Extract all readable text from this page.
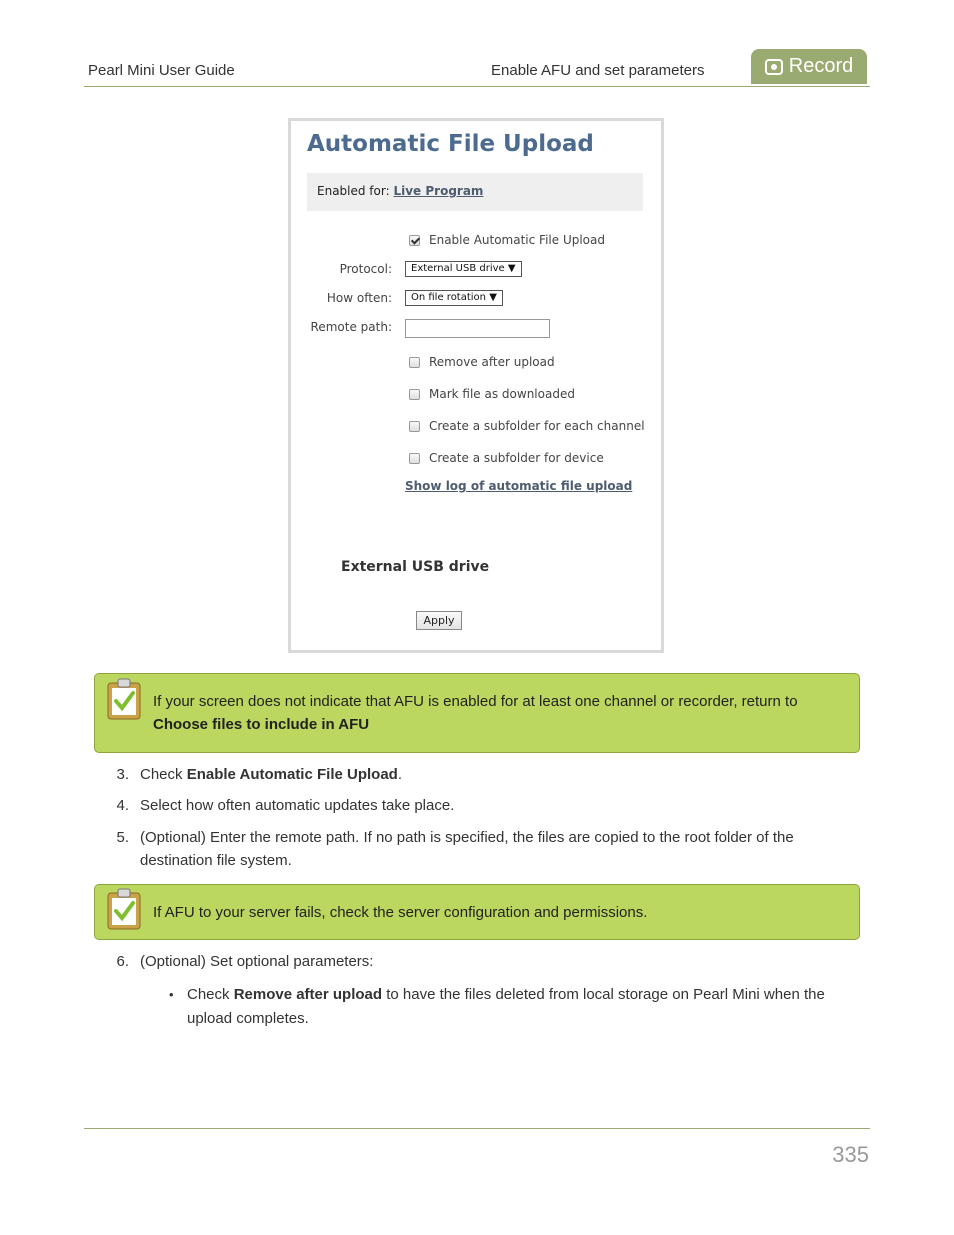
Pearl Mini User Guide	Enable AFU and set parameters	Record
Automatic File Upload
Enabled for: Live Program
Enable Automatic File Upload
Protocol:	External USB drive ▼
How often:	On file rotation ▼
Remote path:
Remove after upload
Mark file as downloaded
Create a subfolder for each channel
Create a subfolder for device
Show log of automatic file upload
External USB drive
Apply
If your screen does not indicate that AFU is enabled for at least one channel or recorder, return to
Choose files to include in AFU
3. Check Enable Automatic File Upload.
4. Select how often automatic updates take place.
5. (Optional) Enter the remote path. If no path is specified, the files are copied to the root folder of the destination file system.
If AFU to your server fails, check the server configuration and permissions.
6. (Optional) Set optional parameters:
• Check Remove after upload to have the files deleted from local storage on Pearl Mini when the upload completes.
335
